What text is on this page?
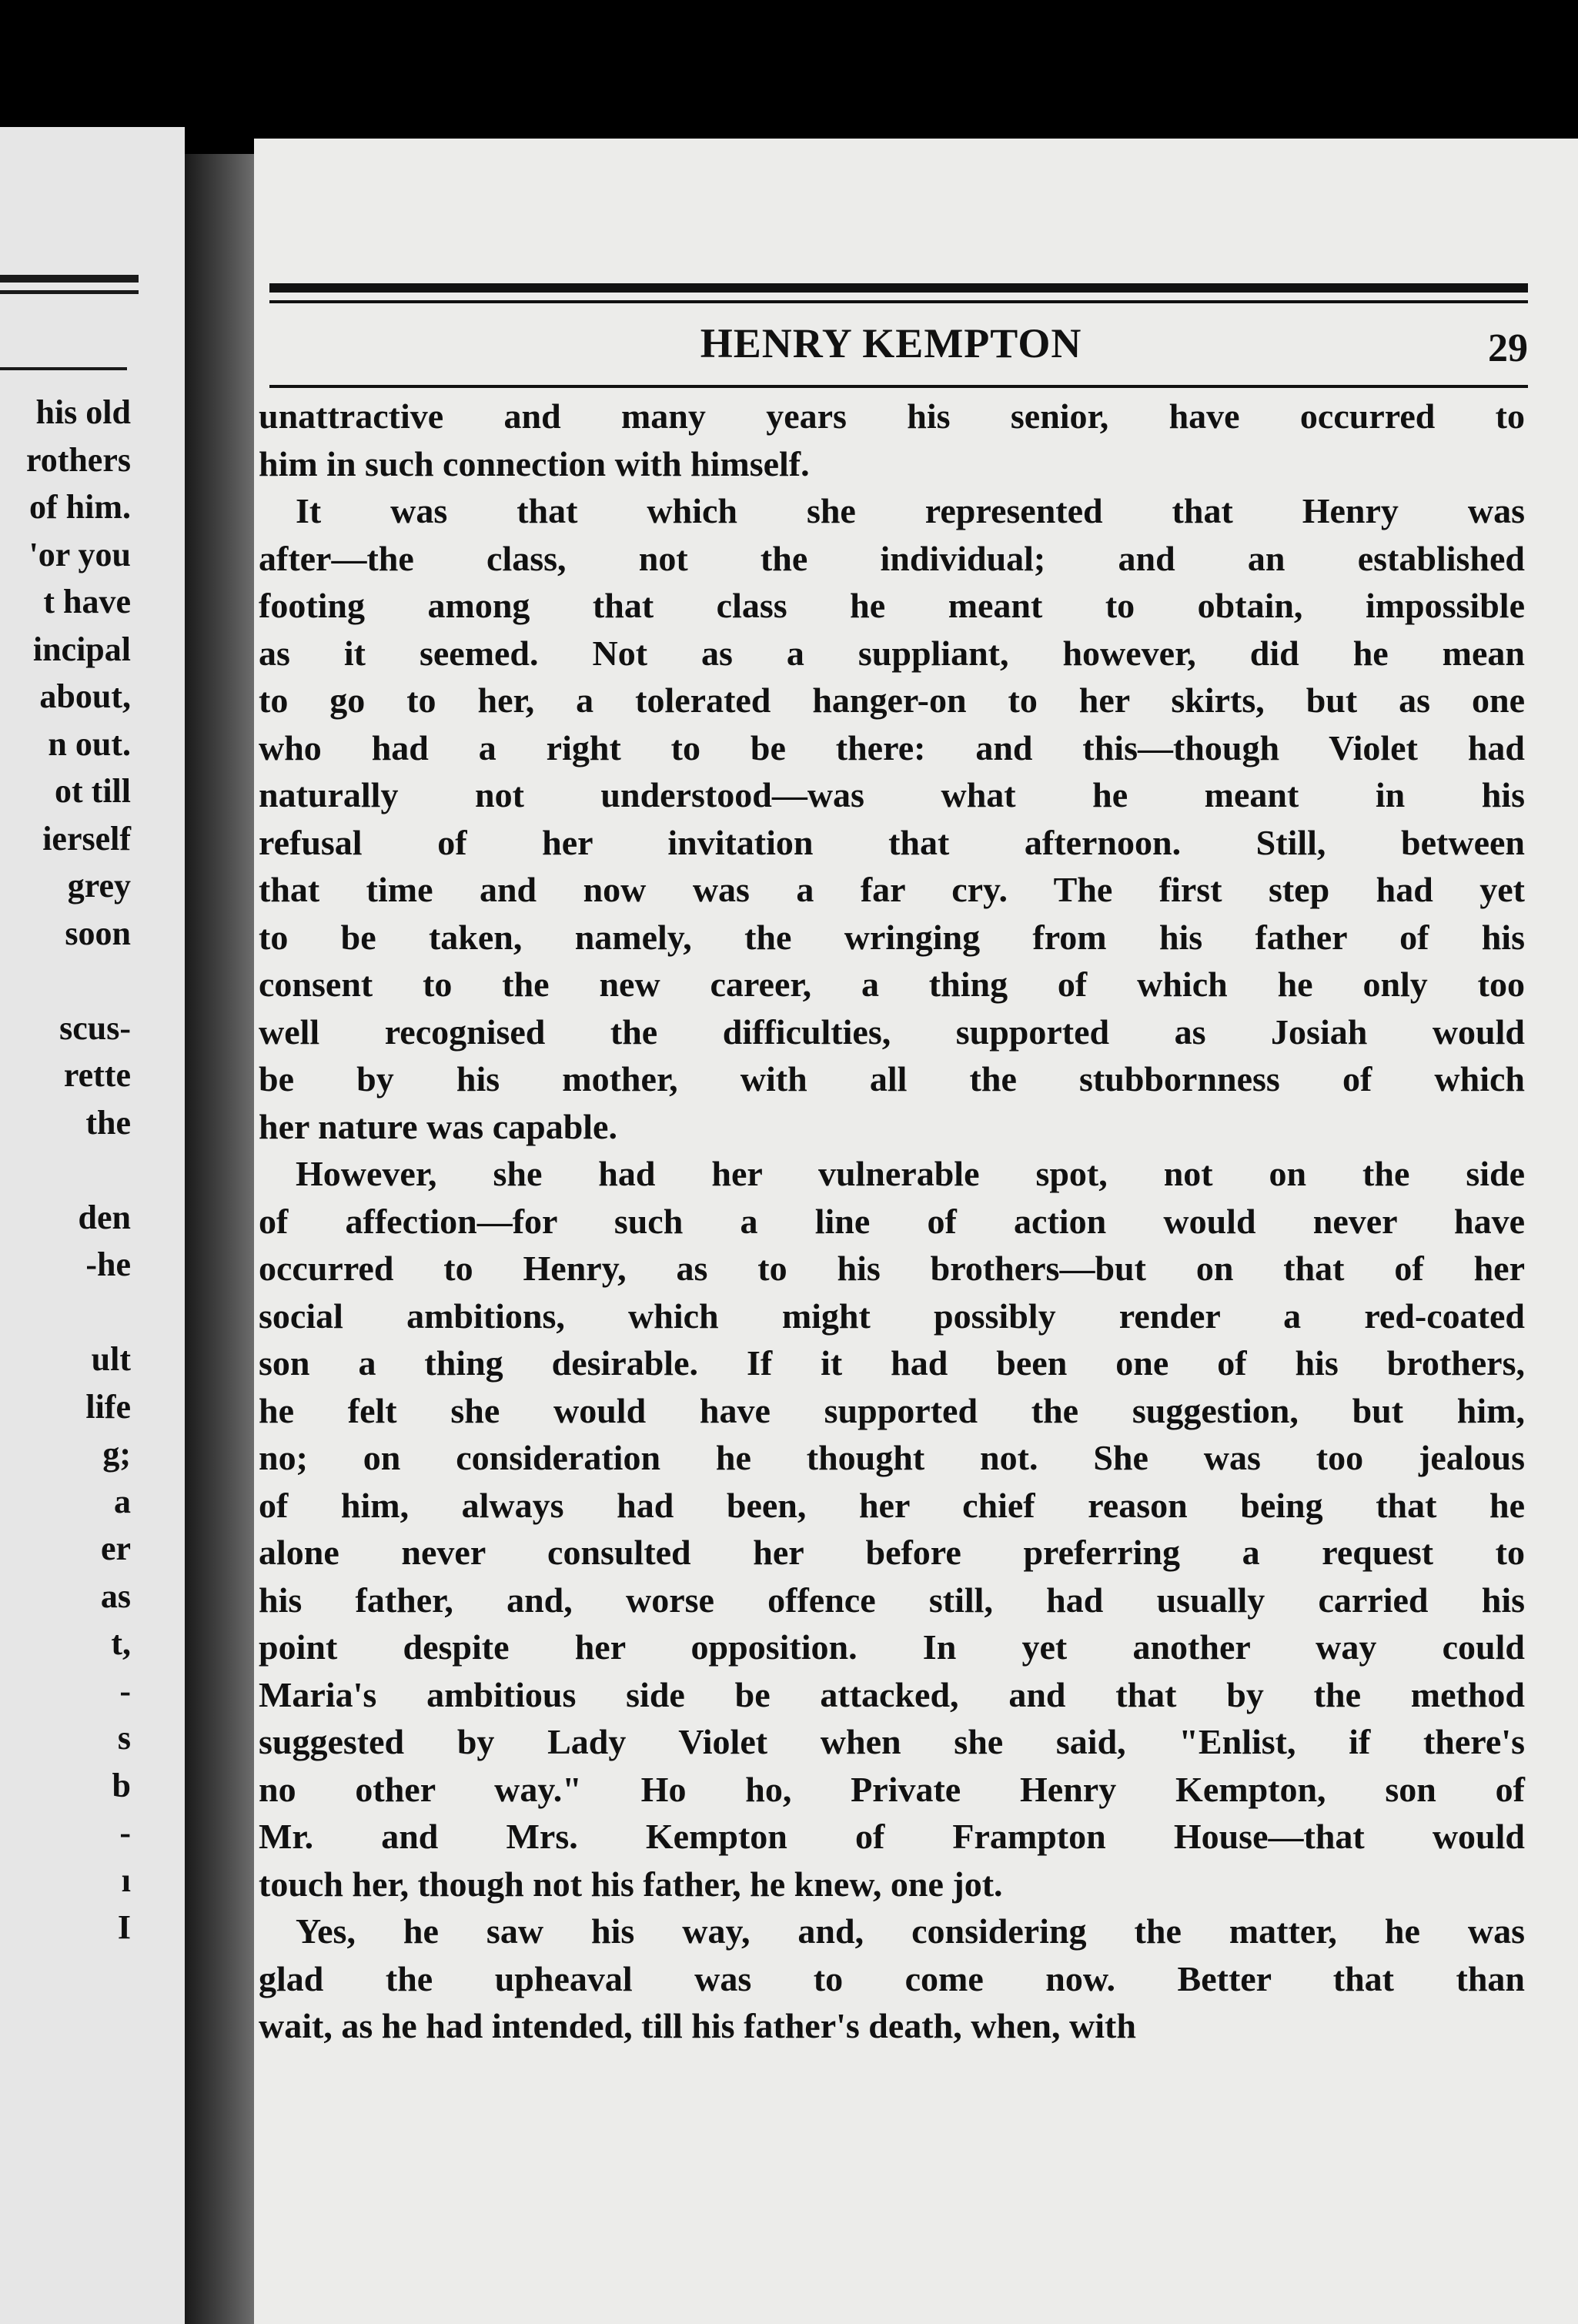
his old
rothers
of him.
'or you
t have
incipal
about,
n out.
ot till
ierself
grey
soon
scus-
rette
the
den
-he
ult
life
g;
a
er
as
t,
-
s
b
-
ı
I
HENRY KEMPTON	29
unattractive and many years his senior, have occurred to
him in such connection with himself.
It was that which she represented that Henry was
after—the class, not the individual; and an established
footing among that class he meant to obtain, impossible
as it seemed. Not as a suppliant, however, did he mean
to go to her, a tolerated hanger-on to her skirts, but as one
who had a right to be there: and this—though Violet had
naturally not understood—was what he meant in his
refusal of her invitation that afternoon. Still, between
that time and now was a far cry. The first step had yet
to be taken, namely, the wringing from his father of his
consent to the new career, a thing of which he only too
well recognised the difficulties, supported as Josiah would
be by his mother, with all the stubbornness of which
her nature was capable.
However, she had her vulnerable spot, not on the side
of affection—for such a line of action would never have
occurred to Henry, as to his brothers—but on that of her
social ambitions, which might possibly render a red-coated
son a thing desirable. If it had been one of his brothers,
he felt she would have supported the suggestion, but him,
no; on consideration he thought not. She was too jealous
of him, always had been, her chief reason being that he
alone never consulted her before preferring a request to
his father, and, worse offence still, had usually carried his
point despite her opposition. In yet another way could
Maria's ambitious side be attacked, and that by the method
suggested by Lady Violet when she said, "Enlist, if there's
no other way." Ho ho, Private Henry Kempton, son of
Mr. and Mrs. Kempton of Frampton House—that would
touch her, though not his father, he knew, one jot.
Yes, he saw his way, and, considering the matter, he was
glad the upheaval was to come now. Better that than
wait, as he had intended, till his father's death, when, with
